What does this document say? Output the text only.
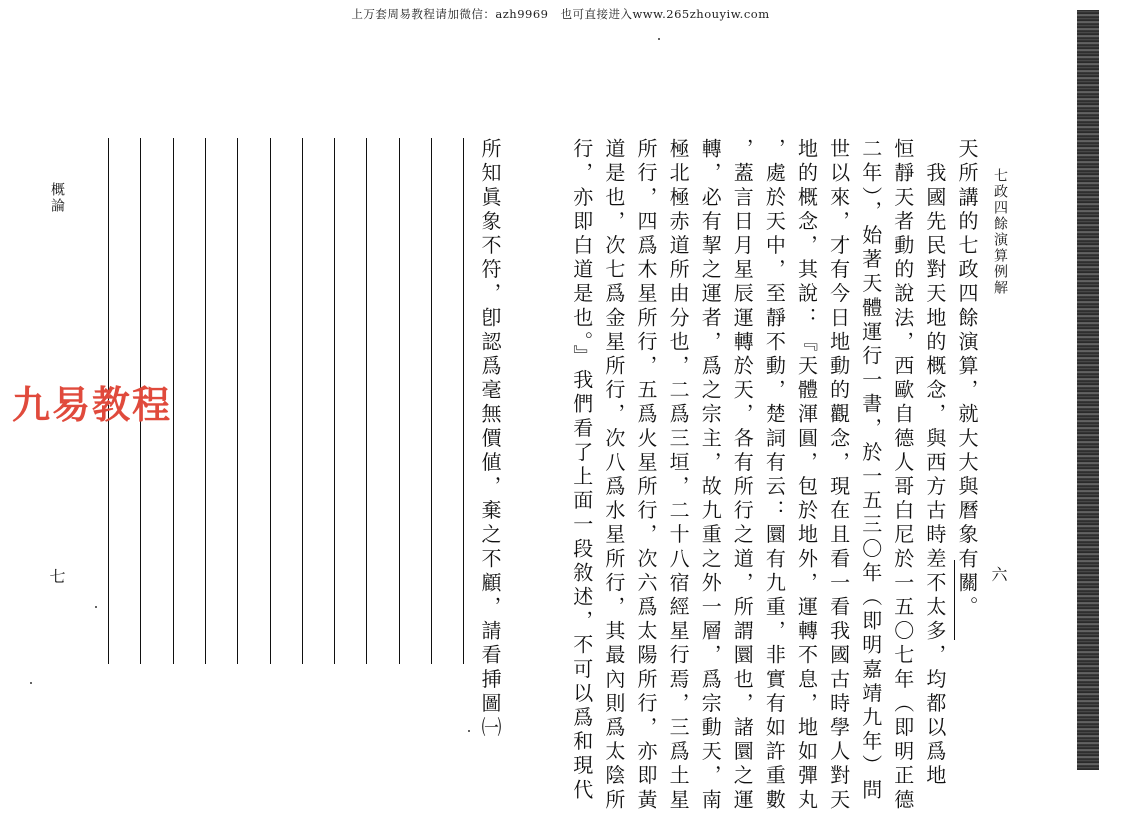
上万套周易教程请加微信：azh9969　也可直接进入www.265zhouyiw.com
七政四餘演算例解
六
天所講的七政四餘演算，就大大與曆象有關。
　我國先民對天地的概念，與西方古時差不太多，均都以爲地
恒靜天者動的說法，西歐自德人哥白尼於一五〇七年（即明正德
二年），始著天體運行一書，於一五三〇年（即明嘉靖九年）問
世以來，才有今日地動的觀念，現在且看一看我國古時學人對天
地的概念，其說：『天體渾圓，包於地外，運轉不息，地如彈丸
，處於天中，至靜不動，楚詞有云：圜有九重，非實有如許重數
，蓋言日月星辰運轉於天，各有所行之道，所謂圜也，諸圜之運
轉，必有挈之運者，爲之宗主，故九重之外一層，爲宗動天，南
極北極赤道所由分也，二爲三垣，二十八宿經星行焉，三爲土星
所行，四爲木星所行，五爲火星所行，次六爲太陽所行，亦即黃
道是也，次七爲金星所行，次八爲水星所行，其最內則爲太陰所
行，亦即白道是也。』我們看了上面一段敘述，不可以爲和現代
概論
七	所知眞象不符，卽認爲毫無價値，棄之不顧，請看挿圖㈠
九易教程
